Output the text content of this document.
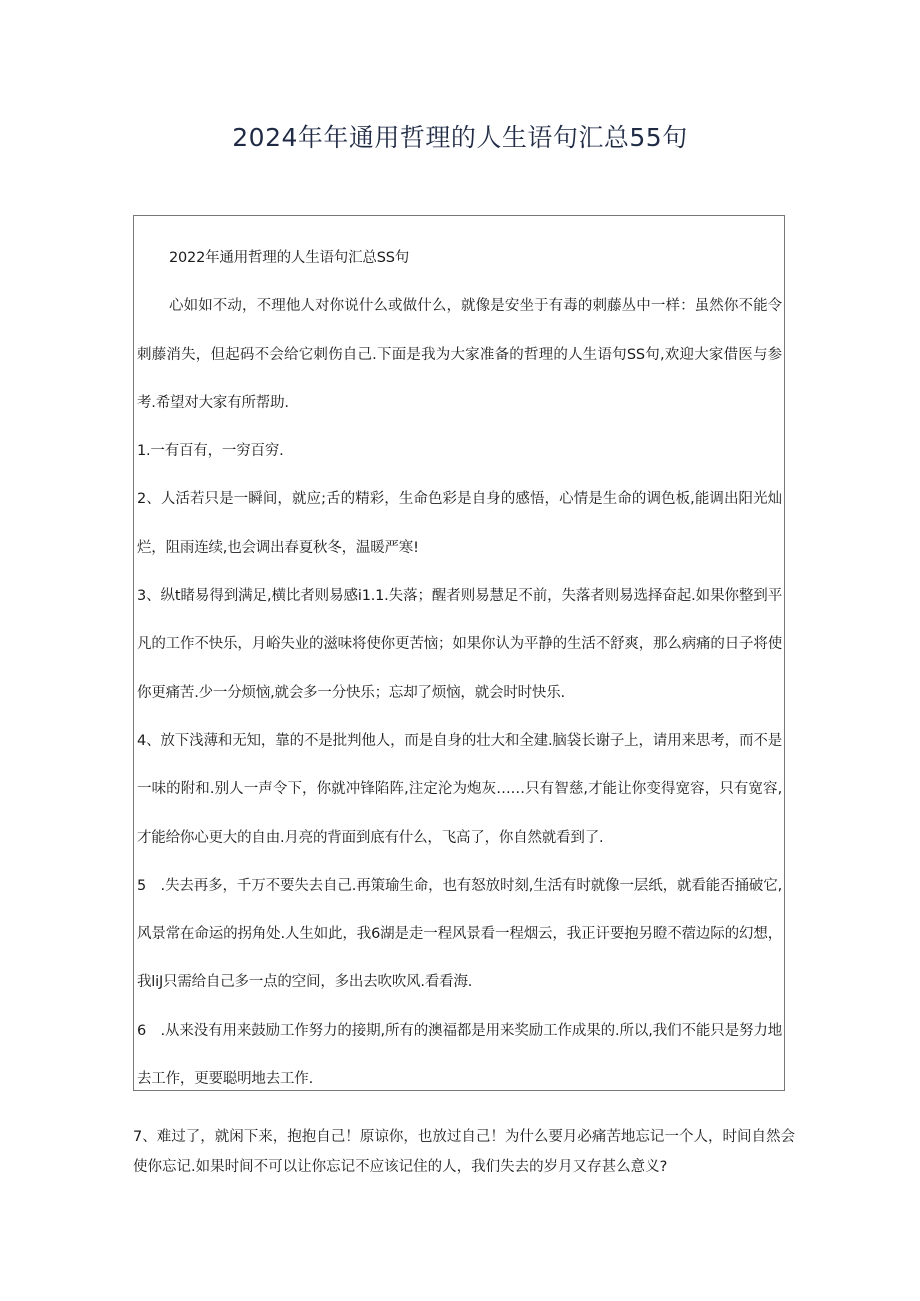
2024年年通用哲理的人生语句汇总55句

2022年通用哲理的人生语句汇总SS句

心如如不动，不理他人对你说什么或做什么，就像是安坐于有毒的刺藤丛中一样：虽然你不能令刺藤消失，但起码不会给它刺伤自己.下面是我为大家准备的哲理的人生语句SS句,欢迎大家借医与参考.希望对大家有所帮助.

1.一有百有，一穷百穷.

2、人活若只是一瞬间，就应;舌的精彩，生命色彩是自身的感悟，心情是生命的调色板,能调出阳光灿烂，阻雨连续,也会调出春夏秋冬，温暖严寒!

3、纵t睹易得到满足,横比者则易感i1.1.失落；醒者则易慧足不前，失落者则易选择奋起.如果你整到平凡的工作不快乐，月峪失业的滋味将使你更苦恼；如果你认为平静的生活不舒爽，那么病痛的日子将使你更痛苦.少一分烦恼,就会多一分快乐；忘却了烦恼，就会时时快乐.

4、放下浅薄和无知，靠的不是批判他人，而是自身的壮大和全建.脑袋长谢子上，请用来思考，而不是一味的附和.别人一声令下，你就冲锋陷阵,注定沦为炮灰……只有智慈,才能让你变得宽容，只有宽容,才能给你心更大的自由.月亮的背面到底有什么，飞高了，你自然就看到了.

5　.失去再多，千万不要失去自己.再策瑜生命，也有怒放时刻,生活有时就像一层纸，就看能否捅破它,风景常在命运的拐角处.人生如此，我6湖是走一程风景看一程烟云，我正讦要抱另瞪不蓿边际的幻想，我liJ只需给自己多一点的空间，多出去吹吹风.看看海.

6　.从来没有用来鼓励工作努力的接期,所有的澳福都是用来奖励工作成果的.所以,我们不能只是努力地去工作，更要聪明地去工作.

7、难过了，就闲下来，抱抱自己！原谅你，也放过自己！为什么要月必痛苦地忘记一个人，时间自然会使你忘记.如果时间不可以让你忘记不应该记住的人，我们失去的岁月又存甚么意义?
